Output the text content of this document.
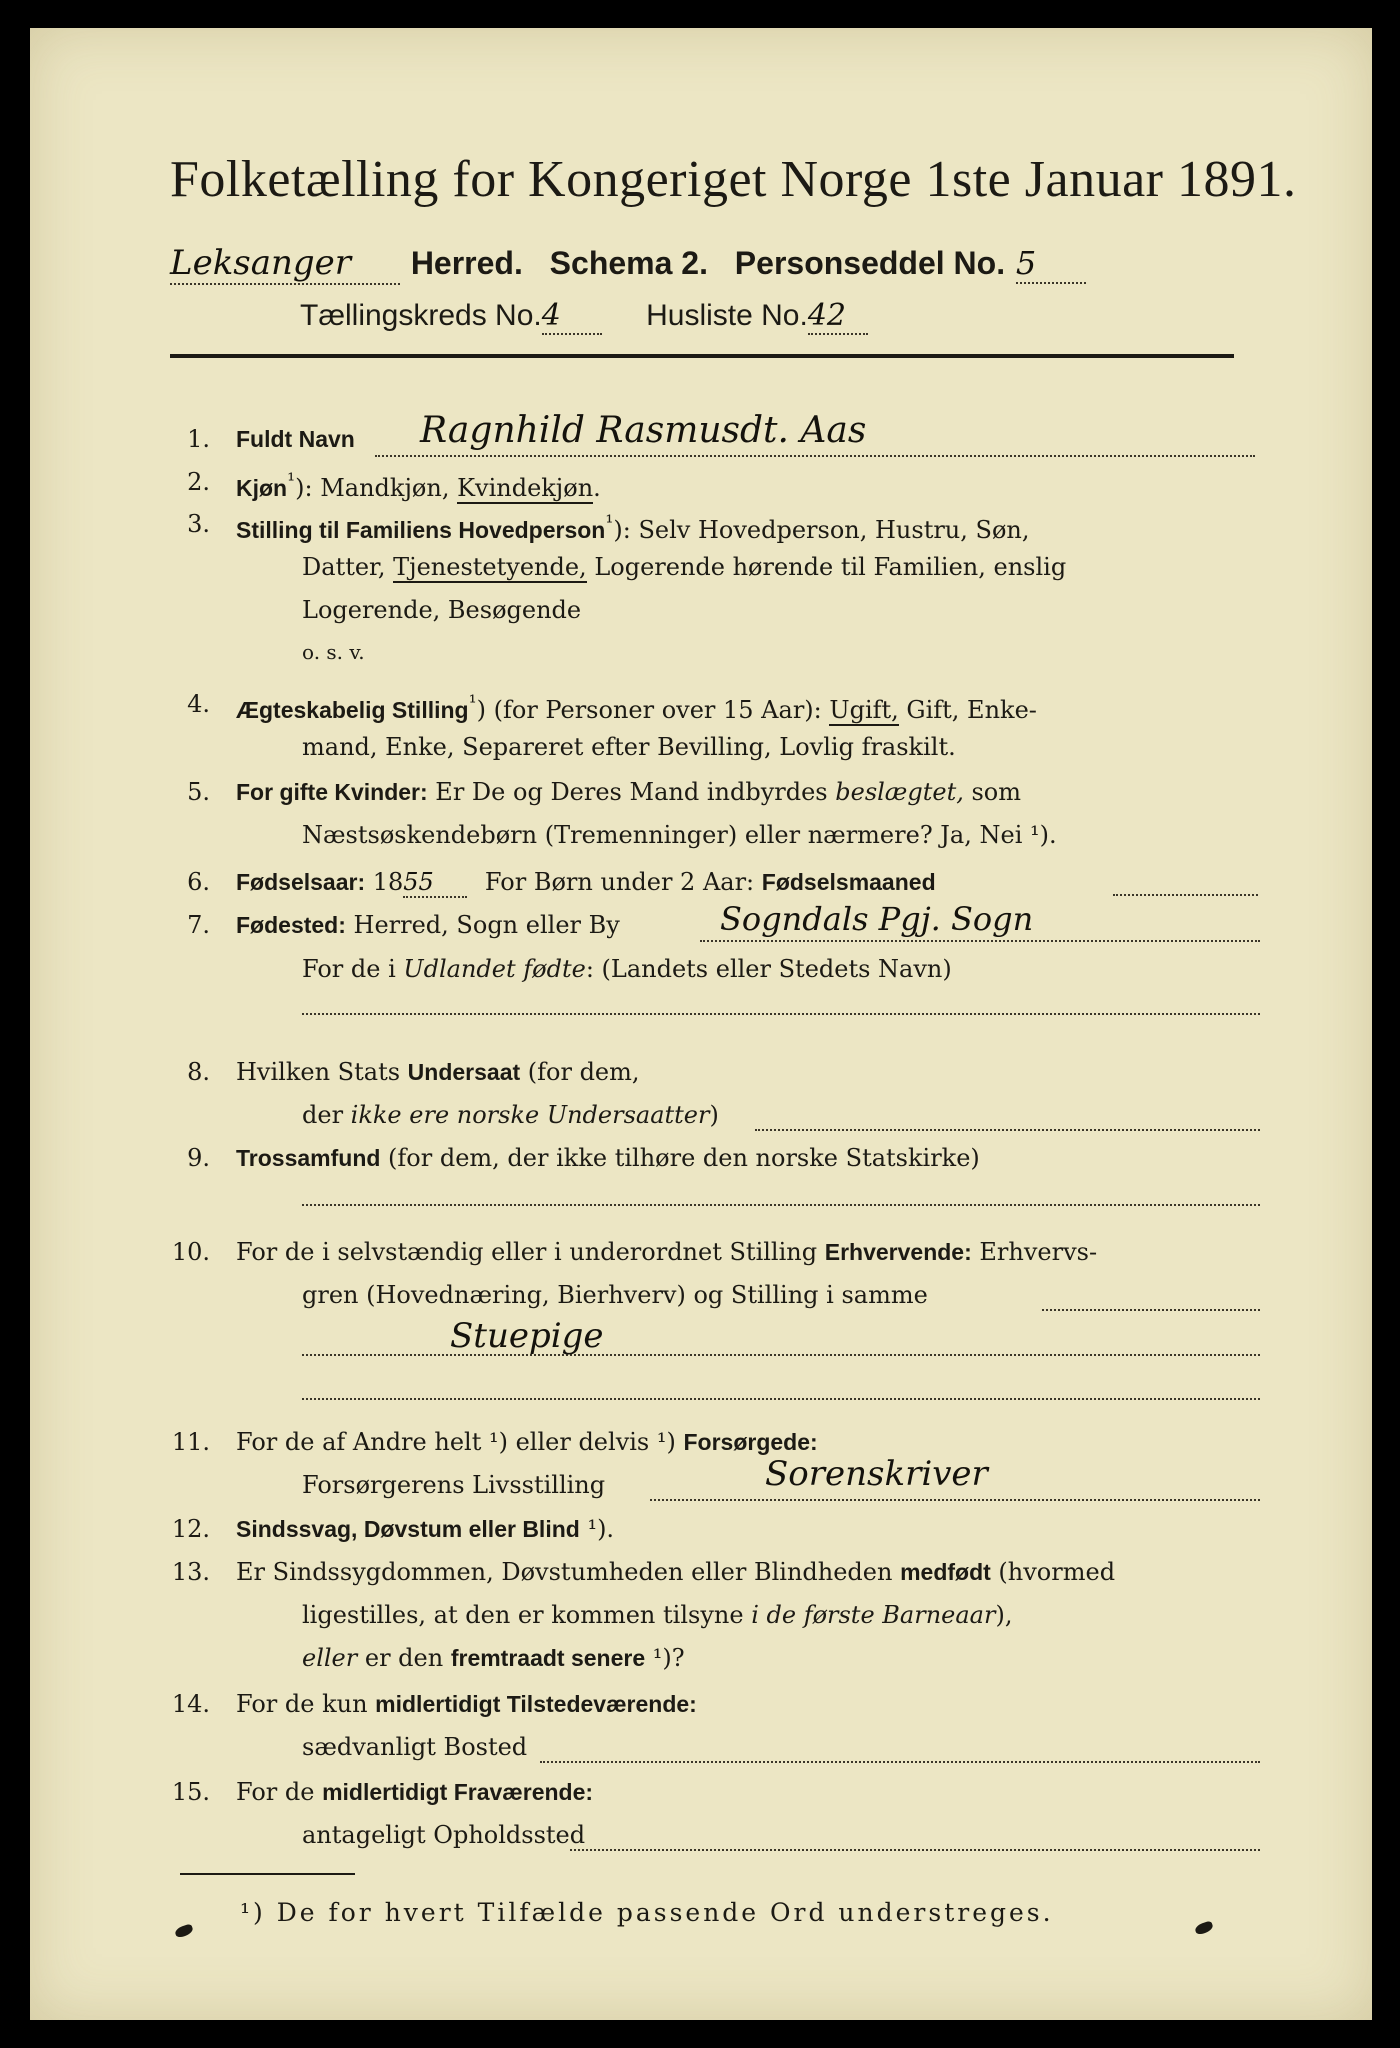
Folketælling for Kongeriget Norge 1ste Januar 1891.
Leksanger Herred. Schema 2. Personseddel No. 5
Tællingskreds No.4	Husliste No.42
1. Fuldt Navn Ragnhild Rasmusdt. Aas
2. Kjøn$^{^1}$): Mandkjøn, Kvindekjøn.
3. Stilling til Familiens Hovedperson$^{^1}$): Selv Hovedperson, Hustru, Søn,
Datter, Tjenestetyende, Logerende hørende til Familien, enslig
Logerende, Besøgende
o. s. v.
4. Ægteskabelig Stilling$^{^1}$) (for Personer over 15 Aar): Ugift, Gift, Enke-
mand, Enke, Separeret efter Bevilling, Lovlig fraskilt.
5. For gifte Kvinder: Er De og Deres Mand indbyrdes beslægtet, som
Næstsøskendebørn (Tremenninger) eller nærmere? Ja, Nei ¹).
6. Fødselsaar: 1855 For Børn under 2 Aar: Fødselsmaaned
7. Fødested: Herred, Sogn eller By	Sogndals Pgj. Sogn
For de i Udlandet fødte: (Landets eller Stedets Navn)
8. Hvilken Stats Undersaat (for dem,
der ikke ere norske Undersaatter)
9. Trossamfund (for dem, der ikke tilhøre den norske Statskirke)
10. For de i selvstændig eller i underordnet Stilling Erhvervende: Erhvervs-
gren (Hovednæring, Bierhverv) og Stilling i samme
Stuepige
11. For de af Andre helt ¹) eller delvis ¹) Forsørgede:
Forsørgerens Livsstilling	Sorenskriver
12. Sindssvag, Døvstum eller Blind ¹).
13. Er Sindssygdommen, Døvstumheden eller Blindheden medfødt (hvormed
ligestilles, at den er kommen tilsyne i de første Barneaar),
eller er den fremtraadt senere ¹)?
14. For de kun midlertidigt Tilstedeværende:
sædvanligt Bosted
15. For de midlertidigt Fraværende:
antageligt Opholdssted
¹) De for hvert Tilfælde passende Ord understreges.
